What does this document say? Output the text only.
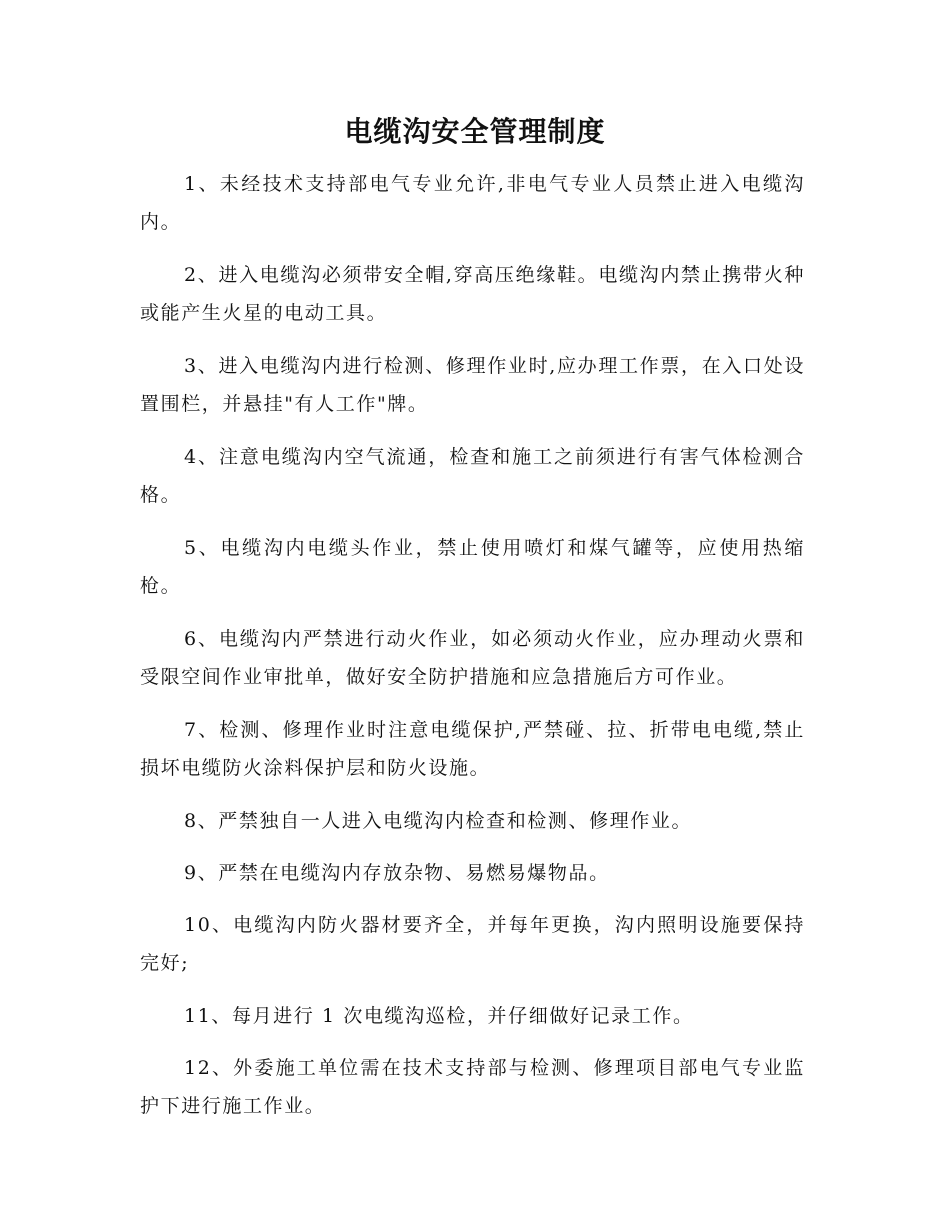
电缆沟安全管理制度

1、未经技术支持部电气专业允许,非电气专业人员禁止进入电缆沟内。

2、进入电缆沟必须带安全帽,穿高压绝缘鞋。电缆沟内禁止携带火种或能产生火星的电动工具。

3、进入电缆沟内进行检测、修理作业时,应办理工作票，在入口处设置围栏，并悬挂"有人工作"牌。

4、注意电缆沟内空气流通，检查和施工之前须进行有害气体检测合格。

5、电缆沟内电缆头作业，禁止使用喷灯和煤气罐等，应使用热缩枪。

6、电缆沟内严禁进行动火作业，如必须动火作业，应办理动火票和受限空间作业审批单，做好安全防护措施和应急措施后方可作业。

7、检测、修理作业时注意电缆保护,严禁碰、拉、折带电电缆,禁止损坏电缆防火涂料保护层和防火设施。

8、严禁独自一人进入电缆沟内检查和检测、修理作业。

9、严禁在电缆沟内存放杂物、易燃易爆物品。

10、电缆沟内防火器材要齐全，并每年更换，沟内照明设施要保持完好;

11、每月进行 1 次电缆沟巡检，并仔细做好记录工作。

12、外委施工单位需在技术支持部与检测、修理项目部电气专业监护下进行施工作业。
